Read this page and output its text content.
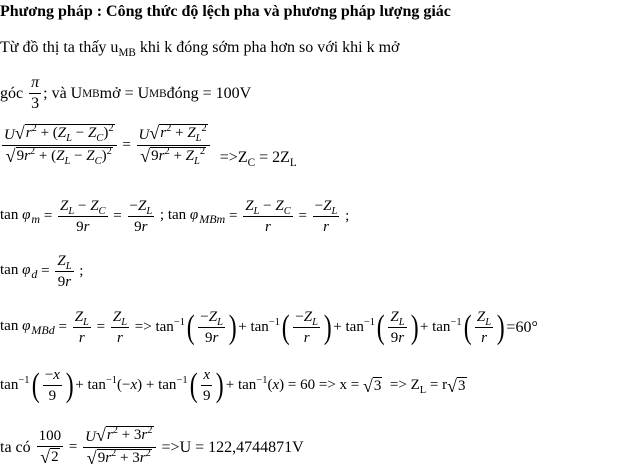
Phương pháp : Công thức độ lệch pha và phương pháp lượng giác
Từ đồ thị ta thấy $u_{MB}$ khi k đóng sớm pha hơn so với khi k mở
góc $\frac{\pi}{3}$ ; và U MB mở = U MB đóng = 100V
$\frac{U √ r^2 + (Z_L - Z_C)^2}{√ 9r^2 + (Z_L - Z_C)^2} = \frac{U √ r^2 + Z_L^2}{√ 9r^2 + Z_L^2} =>Z_C = 2Z_L$
$\tan \varphi_m = \frac{Z_L - Z_C}{9r} = \frac{-Z_L}{9r}$ ; $\tan \varphi_{MBm} = \frac{Z_L - Z_C}{r} = \frac{-Z_L}{r}$ ;
$\tan \varphi_d = \frac{Z_L}{9r}$ ;
$\tan \varphi_{MBd} = \frac{Z_L}{r} = \frac{Z_L}{r} => \tan^{-1}$ ( $\frac{-Z_L}{9r}$ ) + $\tan^{-1}$ ( $\frac{-Z_L}{r}$ ) + $\tan^{-1}$ ( $\frac{Z_L}{9r}$ ) + $\tan^{-1}$ ( $\frac{Z_L}{r}$ ) =60°
$\tan^{-1}$ ( $\frac{-x}{9}$ ) + $\tan^{-1}(-x) + \tan^{-1}$ ( $\frac{x}{9}$ ) + $\tan^{-1}(x) = 60 => x$ = √ $3 => Z_L = r$ √ 3
ta có $\frac{100}{√ 2} = \frac{U √ r^2 + 3r^2}{√ 9r^2 + 3r^2} =>U = 122,4744871V$
